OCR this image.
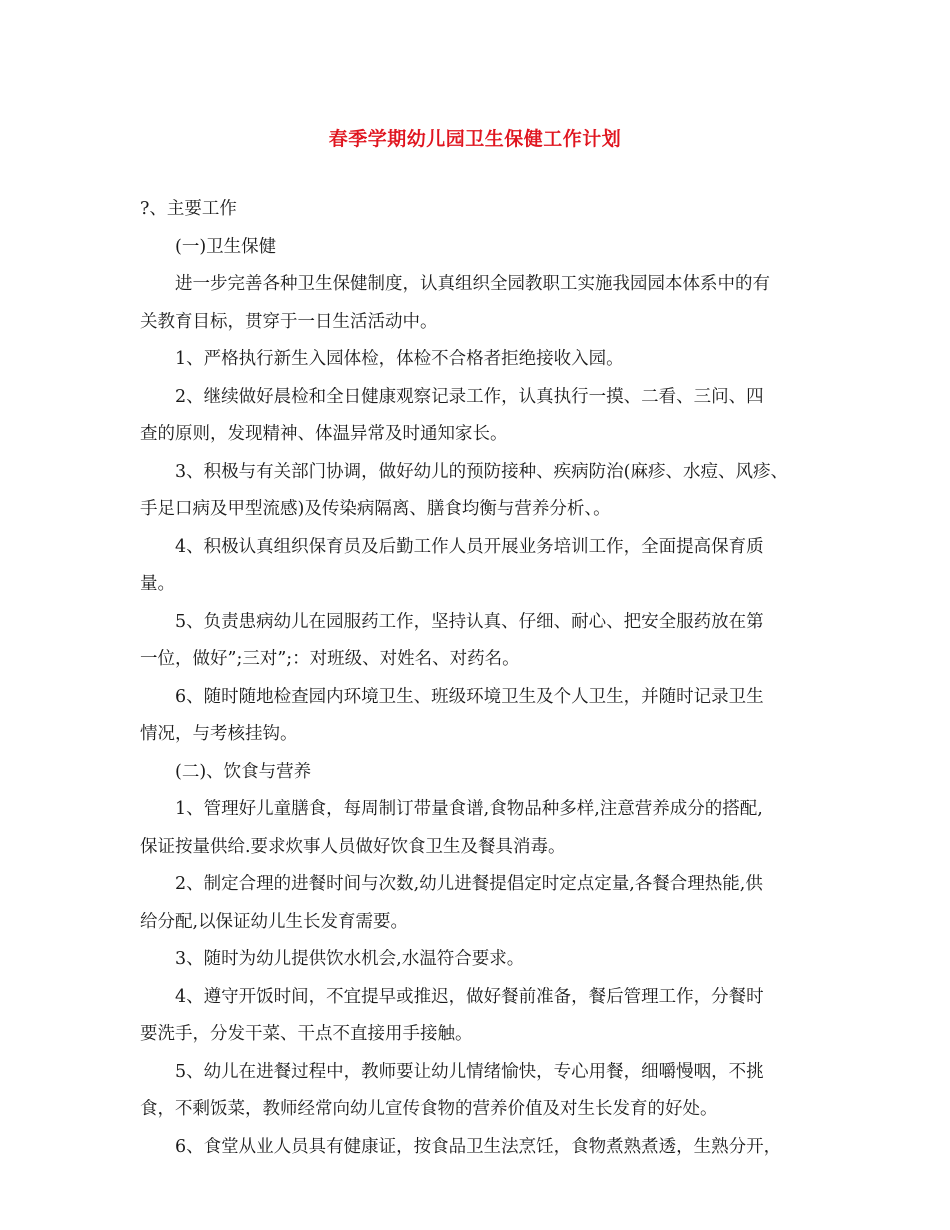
春季学期幼儿园卫生保健工作计划
?、主要工作
(一)卫生保健
进一步完善各种卫生保健制度，认真组织全园教职工实施我园园本体系中的有
关教育目标，贯穿于一日生活活动中。
1、严格执行新生入园体检，体检不合格者拒绝接收入园。
2、继续做好晨检和全日健康观察记录工作，认真执行一摸、二看、三问、四
查的原则，发现精神、体温异常及时通知家长。
3、积极与有关部门协调，做好幼儿的预防接种、疾病防治(麻疹、水痘、风疹、
手足口病及甲型流感)及传染病隔离、膳食均衡与营养分析、。
4、积极认真组织保育员及后勤工作人员开展业务培训工作，全面提高保育质
量。
5、负责患病幼儿在园服药工作，坚持认真、仔细、耐心、把安全服药放在第
一位，做好”;三对”;：对班级、对姓名、对药名。
6、随时随地检查园内环境卫生、班级环境卫生及个人卫生，并随时记录卫生
情况，与考核挂钩。
(二)、饮食与营养
1、管理好儿童膳食，每周制订带量食谱,食物品种多样,注意营养成分的搭配,
保证按量供给.要求炊事人员做好饮食卫生及餐具消毒。
2、制定合理的进餐时间与次数,幼儿进餐提倡定时定点定量,各餐合理热能,供
给分配,以保证幼儿生长发育需要。
3、随时为幼儿提供饮水机会,水温符合要求。
4、遵守开饭时间，不宜提早或推迟，做好餐前准备，餐后管理工作，分餐时
要洗手，分发干菜、干点不直接用手接触。
5、幼儿在进餐过程中，教师要让幼儿情绪愉快，专心用餐，细嚼慢咽，不挑
食，不剩饭菜，教师经常向幼儿宣传食物的营养价值及对生长发育的好处。
6、食堂从业人员具有健康证，按食品卫生法烹饪，食物煮熟煮透，生熟分开，
